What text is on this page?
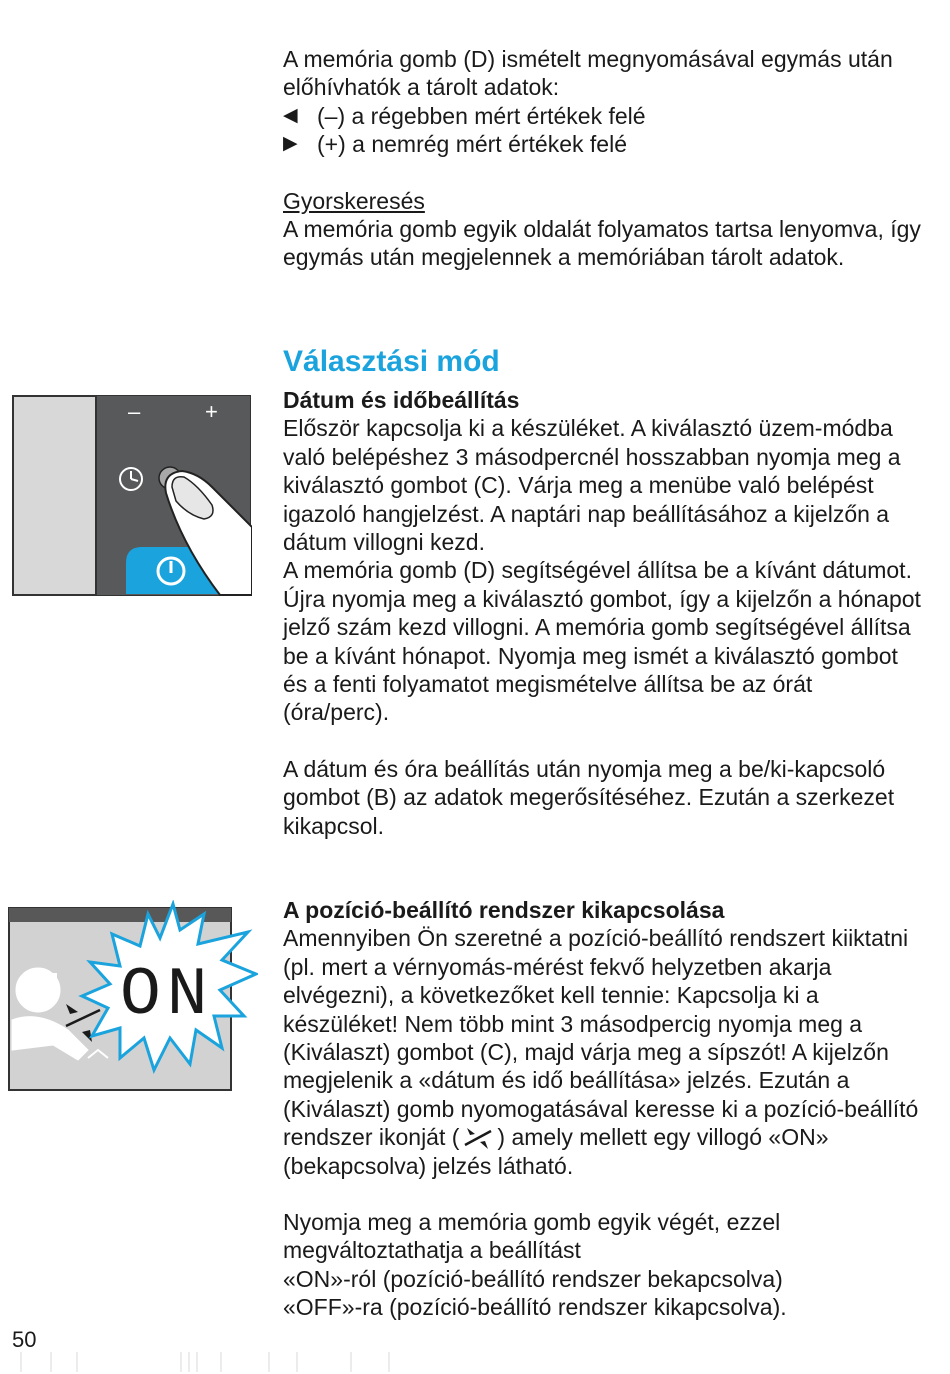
A memória gomb (D) ismételt megnyomásával egymás után előhívhatók a tárolt adatok:

◀ (–) a régebben mért értékek felé
▶ (+) a nemrég mért értékek felé

Gyorskeresés

A memória gomb egyik oldalát folyamatos tartsa lenyomva, így egymás után megjelennek a memóriában tárolt adatok.

Választási mód
Dátum és időbeállítás

Először kapcsolja ki a készüléket. A kiválasztó üzem-módba való belépéshez 3 másodpercnél hosszabban nyomja meg a kiválasztó gombot (C). Várja meg a menübe való belépést igazoló hangjelzést. A naptári nap beállításához a kijelzőn a dátum villogni kezd.

A memória gomb (D) segítségével állítsa be a kívánt dátumot. Újra nyomja meg a kiválasztó gombot, így a kijelzőn a hónapot jelző szám kezd villogni. A memória gomb segítségével állítsa be a kívánt hónapot. Nyomja meg ismét a kiválasztó gombot és a fenti folyamatot megismételve állítsa be az órát (óra/perc).

A dátum és óra beállítás után nyomja meg a be/ki-kapcsoló gombot (B) az adatok megerősítéséhez. Ezután a szerkezet kikapcsol.

A pozíció-beállító rendszer kikapcsolása

Amennyiben Ön szeretné a pozíció-beállító rendszert kiiktatni (pl. mert a vérnyomás-mérést fekvő helyzetben akarja elvégezni), a következőket kell tennie: Kapcsolja ki a készüléket! Nem több mint 3 másodpercig nyomja meg a (Kiválaszt) gombot (C), majd várja meg a sípszót! A kijelzőn megjelenik a «dátum és idő beállítása» jelzés. Ezután a (Kiválaszt) gomb nyomogatásával keresse ki a pozíció-beállító rendszer ikonját ( ) amely mellett egy villogó «ON» (bekapcsolva) jelzés látható.

Nyomja meg a memória gomb egyik végét, ezzel megváltoztathatja a beállítást

«ON»-ról (pozíció-beállító rendszer bekapcsolva)

«OFF»-ra (pozíció-beállító rendszer kikapcsolva).

–	+
ON
50
